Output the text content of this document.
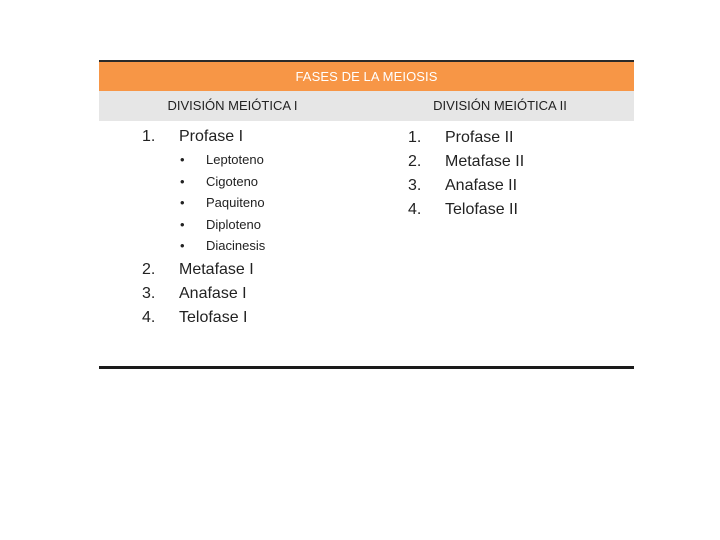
FASES DE LA MEIOSIS
DIVISIÓN MEIÓTICA I	DIVISIÓN MEIÓTICA II
1. Profase I
• Leptoteno
• Cigoteno
• Paquiteno
• Diploteno
• Diacinesis
2. Metafase I
3. Anafase I
4. Telofase I
1. Profase II
2. Metafase II
3. Anafase II
4. Telofase II
